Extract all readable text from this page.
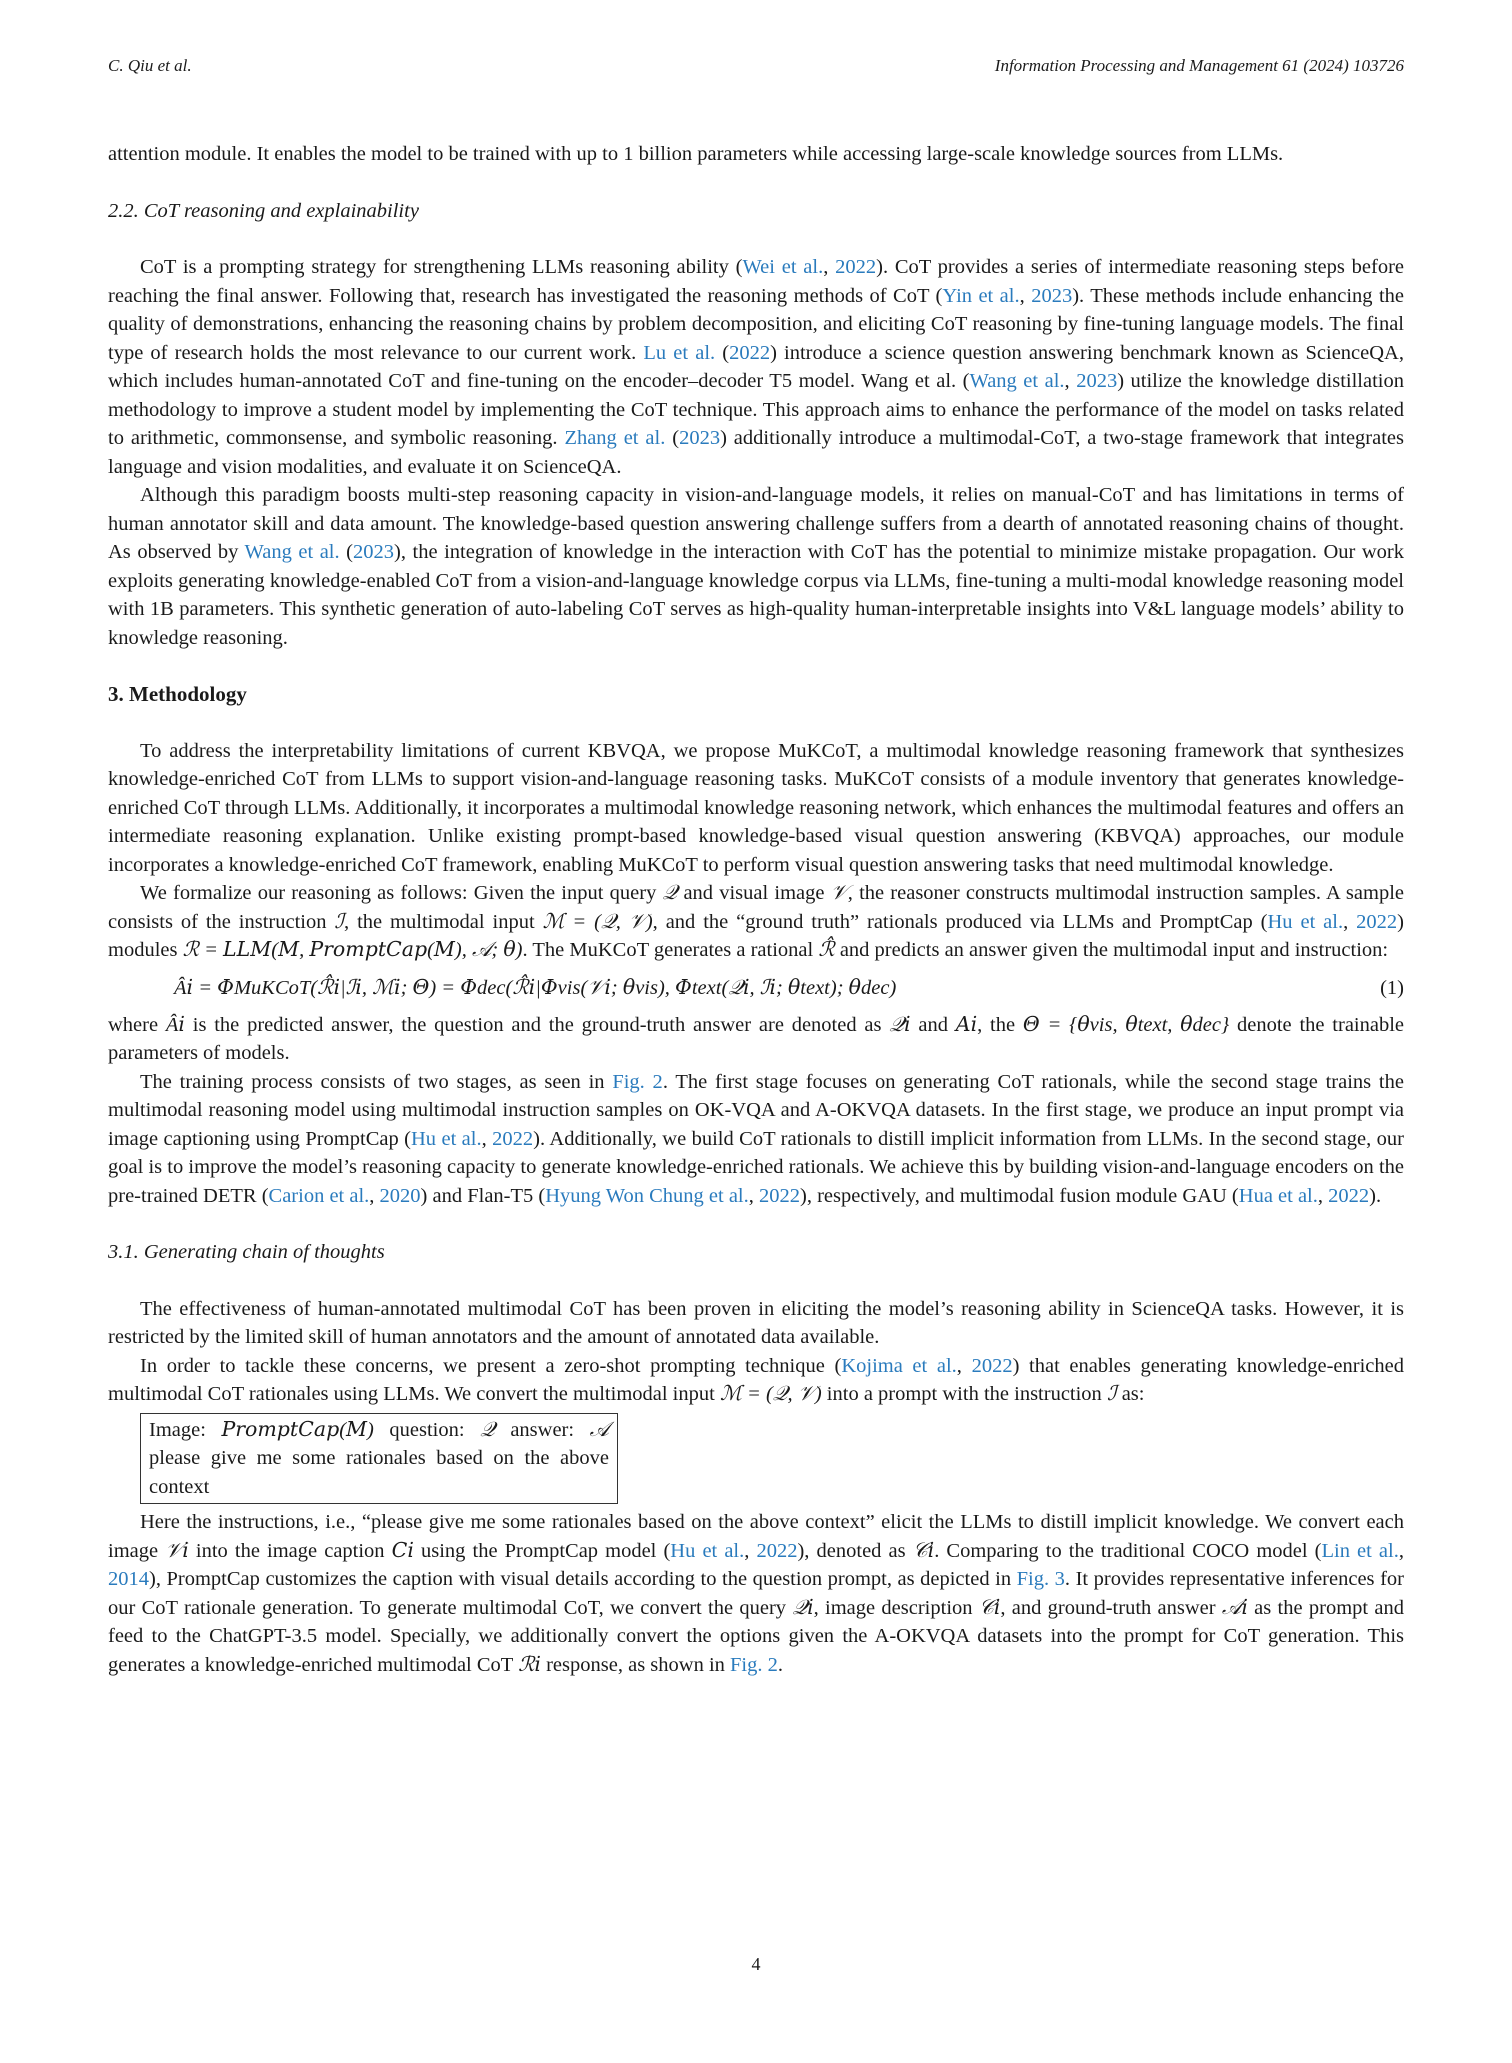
C. Qiu et al.	Information Processing and Management 61 (2024) 103726

attention module. It enables the model to be trained with up to 1 billion parameters while accessing large-scale knowledge sources from LLMs.

2.2. CoT reasoning and explainability

CoT is a prompting strategy for strengthening LLMs reasoning ability (Wei et al., 2022). CoT provides a series of intermediate reasoning steps before reaching the final answer. Following that, research has investigated the reasoning methods of CoT (Yin et al., 2023). These methods include enhancing the quality of demonstrations, enhancing the reasoning chains by problem decomposition, and eliciting CoT reasoning by fine-tuning language models. The final type of research holds the most relevance to our current work. Lu et al. (2022) introduce a science question answering benchmark known as ScienceQA, which includes human-annotated CoT and fine-tuning on the encoder–decoder T5 model. Wang et al. (Wang et al., 2023) utilize the knowledge distillation methodology to improve a student model by implementing the CoT technique. This approach aims to enhance the performance of the model on tasks related to arithmetic, commonsense, and symbolic reasoning. Zhang et al. (2023) additionally introduce a multimodal-CoT, a two-stage framework that integrates language and vision modalities, and evaluate it on ScienceQA.

Although this paradigm boosts multi-step reasoning capacity in vision-and-language models, it relies on manual-CoT and has limitations in terms of human annotator skill and data amount. The knowledge-based question answering challenge suffers from a dearth of annotated reasoning chains of thought. As observed by Wang et al. (2023), the integration of knowledge in the interaction with CoT has the potential to minimize mistake propagation. Our work exploits generating knowledge-enabled CoT from a vision-and-language knowledge corpus via LLMs, fine-tuning a multi-modal knowledge reasoning model with 1B parameters. This synthetic generation of auto-labeling CoT serves as high-quality human-interpretable insights into V&L language models’ ability to knowledge reasoning.

3. Methodology

To address the interpretability limitations of current KBVQA, we propose MuKCoT, a multimodal knowledge reasoning framework that synthesizes knowledge-enriched CoT from LLMs to support vision-and-language reasoning tasks. MuKCoT consists of a module inventory that generates knowledge-enriched CoT through LLMs. Additionally, it incorporates a multimodal knowledge reasoning network, which enhances the multimodal features and offers an intermediate reasoning explanation. Unlike existing prompt-based knowledge-based visual question answering (KBVQA) approaches, our module incorporates a knowledge-enriched CoT framework, enabling MuKCoT to perform visual question answering tasks that need multimodal knowledge.

We formalize our reasoning as follows: Given the input query 𝒬 and visual image 𝒱, the reasoner constructs multimodal instruction samples. A sample consists of the instruction ℐ, the multimodal input ℳ = (𝒬, 𝒱), and the “ground truth” rationals produced via LLMs and PromptCap (Hu et al., 2022) modules ℛ = 𝐿𝐿𝑀(𝑀, 𝑃𝑟𝑜𝑚𝑝𝑡𝐶𝑎𝑝(𝑀), 𝒜; 𝜃). The MuKCoT generates a rational ℛ̂ and predicts an answer given the multimodal input and instruction:

Â𝑖 = 𝛷MuKCoT(ℛ̂𝑖|ℐ𝑖, ℳ𝑖; 𝛩) = 𝛷dec(ℛ̂𝑖|𝛷vis(𝒱𝑖; 𝜃vis), 𝛷text(𝒬𝑖, ℐ𝑖; 𝜃text); 𝜃dec)	(1)

where Â𝑖 is the predicted answer, the question and the ground-truth answer are denoted as 𝒬𝑖 and 𝐴𝑖, the 𝛩 = {𝜃vis, 𝜃text, 𝜃dec} denote the trainable parameters of models.

The training process consists of two stages, as seen in Fig. 2. The first stage focuses on generating CoT rationals, while the second stage trains the multimodal reasoning model using multimodal instruction samples on OK-VQA and A-OKVQA datasets. In the first stage, we produce an input prompt via image captioning using PromptCap (Hu et al., 2022). Additionally, we build CoT rationals to distill implicit information from LLMs. In the second stage, our goal is to improve the model’s reasoning capacity to generate knowledge-enriched rationals. We achieve this by building vision-and-language encoders on the pre-trained DETR (Carion et al., 2020) and Flan-T5 (Hyung Won Chung et al., 2022), respectively, and multimodal fusion module GAU (Hua et al., 2022).

3.1. Generating chain of thoughts

The effectiveness of human-annotated multimodal CoT has been proven in eliciting the model’s reasoning ability in ScienceQA tasks. However, it is restricted by the limited skill of human annotators and the amount of annotated data available.

In order to tackle these concerns, we present a zero-shot prompting technique (Kojima et al., 2022) that enables generating knowledge-enriched multimodal CoT rationales using LLMs. We convert the multimodal input ℳ = (𝒬, 𝒱) into a prompt with the instruction ℐ as:

Image: 𝑃𝑟𝑜𝑚𝑝𝑡𝐶𝑎𝑝(𝑀) question: 𝒬 answer: 𝒜 please give me some rationales based on the above context

Here the instructions, i.e., “please give me some rationales based on the above context” elicit the LLMs to distill implicit knowledge. We convert each image 𝒱𝑖 into the image caption 𝐶𝑖 using the PromptCap model (Hu et al., 2022), denoted as 𝒞𝑖. Comparing to the traditional COCO model (Lin et al., 2014), PromptCap customizes the caption with visual details according to the question prompt, as depicted in Fig. 3. It provides representative inferences for our CoT rationale generation. To generate multimodal CoT, we convert the query 𝒬𝑖, image description 𝒞𝑖, and ground-truth answer 𝒜𝑖 as the prompt and feed to the ChatGPT-3.5 model. Specially, we additionally convert the options given the A-OKVQA datasets into the prompt for CoT generation. This generates a knowledge-enriched multimodal CoT ℛ𝑖 response, as shown in Fig. 2.

4
